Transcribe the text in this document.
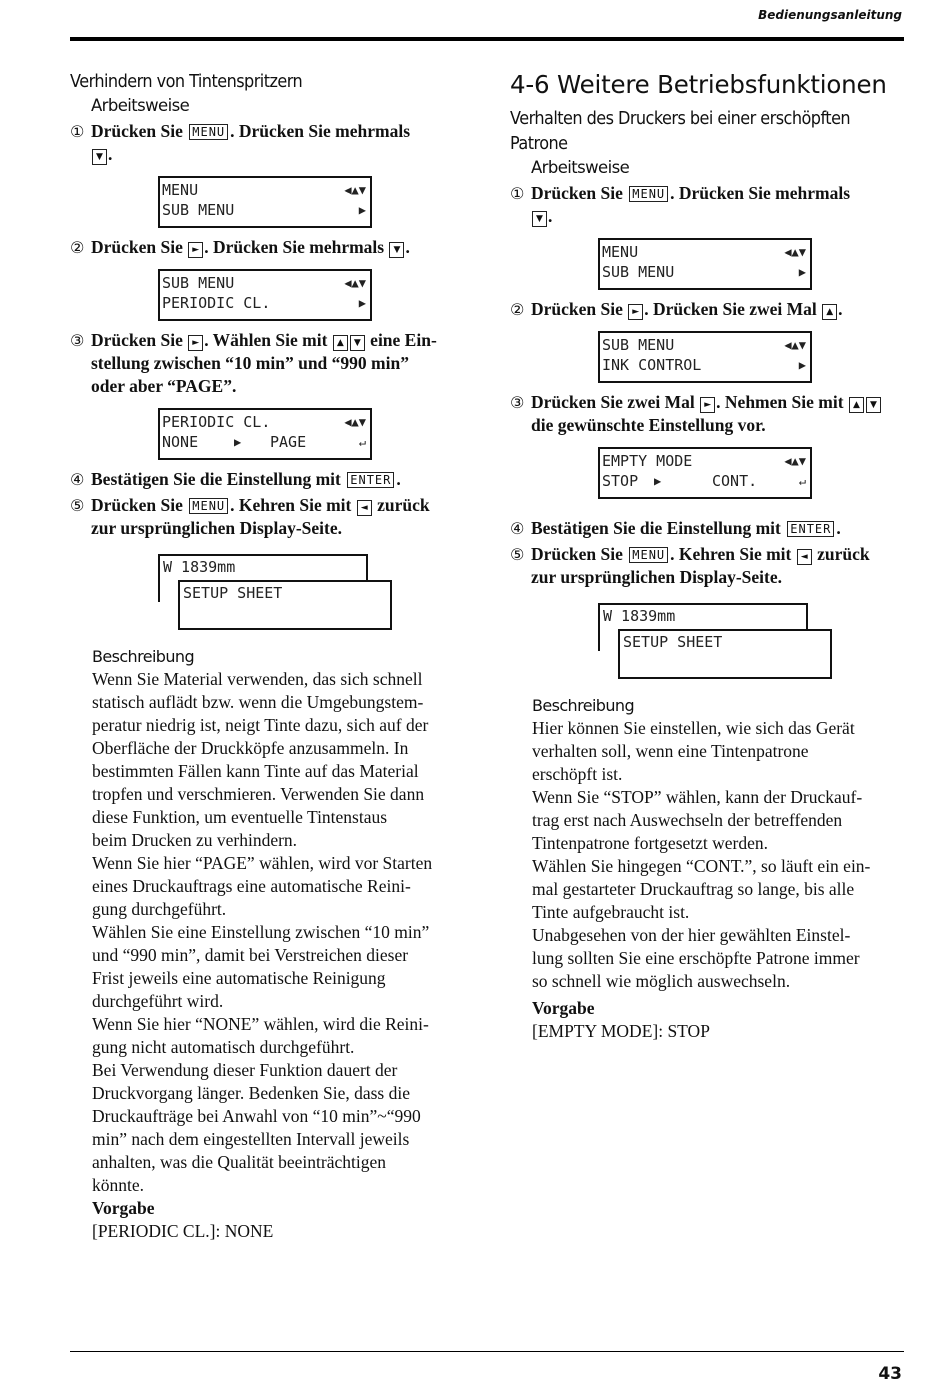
Bedienungsanleitung
Verhindern von Tintenspritzern
Arbeitsweise
① Drücken Sie MENU . Drücken Sie mehrmals
▼ .
MENU	◀▲▼
SUB MENU	▶
② Drücken Sie ► . Drücken Sie mehrmals ▼ .
SUB MENU	◀▲▼
PERIODIC CL.	▶
③ Drücken Sie ► . Wählen Sie mit ▲ ▼ eine Ein-
stellung zwischen “10 min” und “990 min”
oder aber “PAGE”.
PERIODIC CL.	◀▲▼
NONE	▶ PAGE	↵
④ Bestätigen Sie die Einstellung mit ENTER .
⑤ Drücken Sie MENU . Kehren Sie mit ◄ zurück
zur ursprünglichen Display-Seite.
W 1839mm
SETUP SHEET
Beschreibung
Wenn Sie Material verwenden, das sich schnell
statisch auflädt bzw. wenn die Umgebungstem-
peratur niedrig ist, neigt Tinte dazu, sich auf der
Oberfläche der Druckköpfe anzusammeln. In
bestimmten Fällen kann Tinte auf das Material
tropfen und verschmieren. Verwenden Sie dann
diese Funktion, um eventuelle Tintenstaus
beim Drucken zu verhindern.
Wenn Sie hier “PAGE” wählen, wird vor Starten
eines Druckauftrags eine automatische Reini-
gung durchgeführt.
Wählen Sie eine Einstellung zwischen “10 min”
und “990 min”, damit bei Verstreichen dieser
Frist jeweils eine automatische Reinigung
durchgeführt wird.
Wenn Sie hier “NONE” wählen, wird die Reini-
gung nicht automatisch durchgeführt.
Bei Verwendung dieser Funktion dauert der
Druckvorgang länger. Bedenken Sie, dass die
Druckaufträge bei Anwahl von “10 min”~“990
min” nach dem eingestellten Intervall jeweils
anhalten, was die Qualität beeinträchtigen
könnte.
Vorgabe
[PERIODIC CL.]: NONE
4-6 Weitere Betriebsfunktionen
Verhalten des Druckers bei einer erschöpften
Patrone
Arbeitsweise
① Drücken Sie MENU . Drücken Sie mehrmals
▼ .
MENU	◀▲▼
SUB MENU	▶
② Drücken Sie ► . Drücken Sie zwei Mal ▲ .
SUB MENU	◀▲▼
INK CONTROL	▶
③ Drücken Sie zwei Mal ► . Nehmen Sie mit ▲ ▼
die gewünschte Einstellung vor.
EMPTY MODE	◀▲▼
STOP ▶	CONT.	↵
④ Bestätigen Sie die Einstellung mit ENTER .
⑤ Drücken Sie MENU . Kehren Sie mit ◄ zurück
zur ursprünglichen Display-Seite.
W 1839mm
SETUP SHEET
Beschreibung
Hier können Sie einstellen, wie sich das Gerät
verhalten soll, wenn eine Tintenpatrone
erschöpft ist.
Wenn Sie “STOP” wählen, kann der Druckauf-
trag erst nach Auswechseln der betreffenden
Tintenpatrone fortgesetzt werden.
Wählen Sie hingegen “CONT.”, so läuft ein ein-
mal gestarteter Druckauftrag so lange, bis alle
Tinte aufgebraucht ist.
Unabgesehen von der hier gewählten Einstel-
lung sollten Sie eine erschöpfte Patrone immer
so schnell wie möglich auswechseln.
Vorgabe
[EMPTY MODE]: STOP
43
